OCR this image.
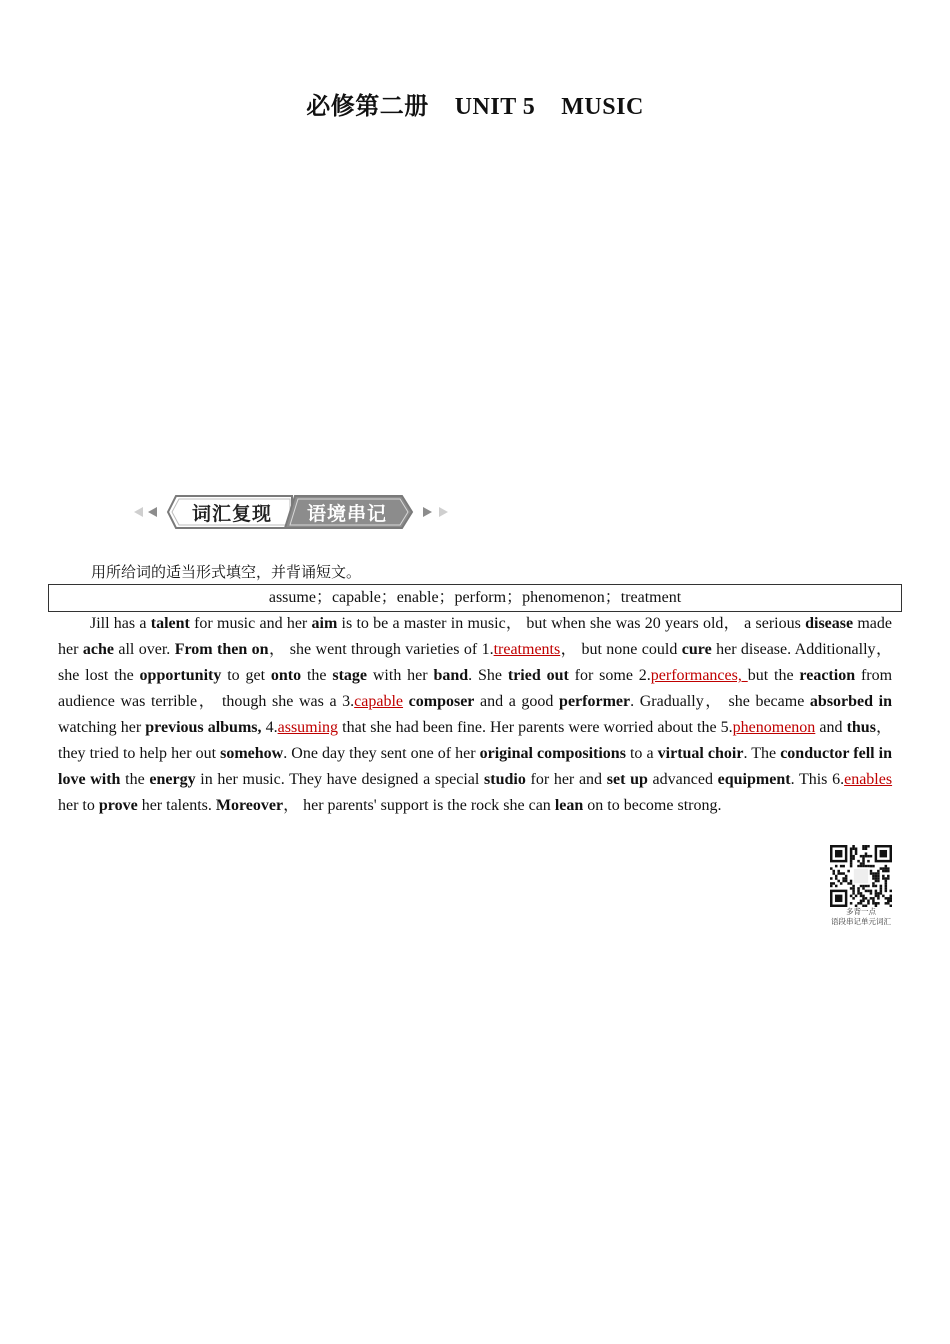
必修第二册 UNIT 5 MUSIC
词汇复现 语境串记
用所给词的适当形式填空，并背诵短文。
assume；capable；enable；perform；phenomenon；treatment

Jill has a talent for music and her aim is to be a master in music， but when she was 20 years old， a serious disease made her ache all over. From then on， she went through varieties of 1.treatments， but none could cure her disease. Additionally， she lost the opportunity to get onto the stage with her band. She tried out for some 2.performances, but the reaction from audience was terrible， though she was a 3.capable composer and a good performer. Gradually， she became absorbed in watching her previous albums, 4.assuming that she had been fine. Her parents were worried about the 5.phenomenon and thus， they tried to help her out somehow. One day they sent one of her original compositions to a virtual choir. The conductor fell in love with the energy in her music. They have designed a special studio for her and set up advanced equipment. This 6.enables her to prove her talents. Moreover， her parents' support is the rock she can lean on to become strong.

多背一点
语段串记单元词汇
